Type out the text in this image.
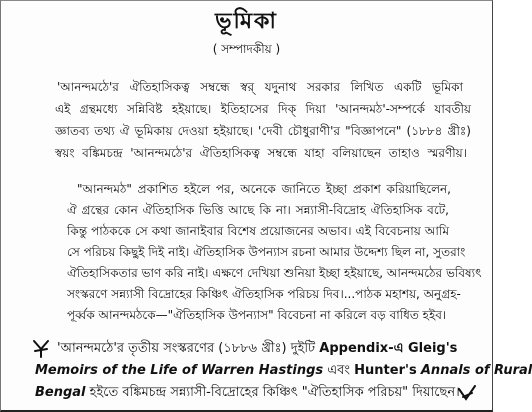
ভূমিকা
( সম্পাদকীয় )
'আনন্দমঠে'র ঐতিহাসিকত্ব সম্বন্ধে স্বর্ যদুনাথ সরকার লিখিত একটি ভূমিকা
এই গ্রন্থমধ্যে সন্নিবিষ্ট হইয়াছে। ইতিহাসের দিক্‌ দিয়া 'আনন্দমঠ'-সম্পর্কে যাবতীয়
জ্ঞাতব্য তথ্য ঐ ভূমিকায় দেওয়া হইয়াছে। 'দেবী চৌধুরাণী'র "বিজ্ঞাপনে" (১৮৮৪ খ্রীঃ)
স্বয়ং বঙ্কিমচন্দ্র 'আনন্দমঠে'র ঐতিহাসিকত্ব সম্বন্ধে যাহা বলিয়াছেন তাহাও স্মরণীয়।
"আনন্দমঠ" প্রকাশিত হইলে পর, অনেকে জানিতে ইচ্ছা প্রকাশ করিয়াছিলেন,
ঐ গ্রন্থের কোন ঐতিহাসিক ভিত্তি আছে কি না। সন্ন্যাসী-বিদ্রোহ ঐতিহাসিক বটে,
কিন্তু পাঠককে সে কথা জানাইবার বিশেষ প্রয়োজনের অভাব। এই বিবেচনায় আমি
সে পরিচয় কিছুই দিই নাই। ঐতিহাসিক উপন্যাস রচনা আমার উদ্দেশ্য ছিল না, সুতরাং
ঐতিহাসিকতার ভাণ করি নাই। এক্ষণে দেখিয়া শুনিয়া ইচ্ছা হইয়াছে, আনন্দমঠের ভবিষ্যৎ
সংস্করণে সন্ন্যাসী বিদ্রোহের কিঞ্চিৎ ঐতিহাসিক পরিচয় দিব।...পাঠক মহাশয়, অনুগ্রহ-
পূর্ব্বক আনন্দমঠকে—"ঐতিহাসিক উপন্যাস" বিবেচনা না করিলে বড় বাধিত হইব।
'আনন্দমঠে'র তৃতীয় সংস্করণের (১৮৮৬ খ্রীঃ) দুইটি Appendix-এ Gleig's
Memoirs of the Life of Warren Hastings এবং Hunter's Annals of Rural
Bengal হইতে বঙ্কিমচন্দ্র সন্ন্যাসী-বিদ্রোহের কিঞ্চিৎ "ঐতিহাসিক পরিচয়" দিয়াছেন।
